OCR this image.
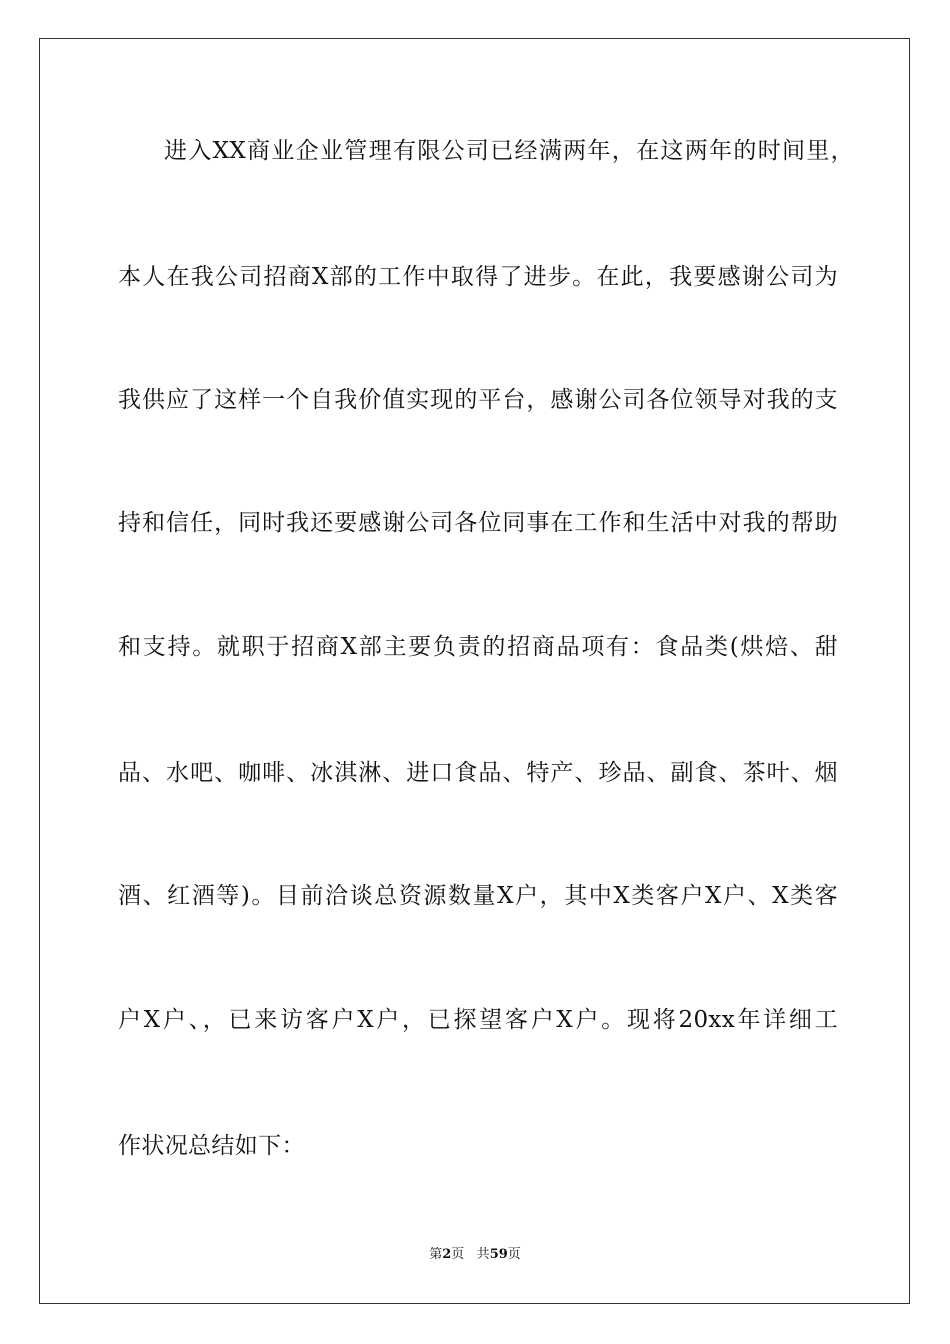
进入XX商业企业管理有限公司已经满两年，在这两年的时间里，
本人在我公司招商X部的工作中取得了进步。在此，我要感谢公司为
我供应了这样一个自我价值实现的平台，感谢公司各位领导对我的支
持和信任，同时我还要感谢公司各位同事在工作和生活中对我的帮助
和支持。就职于招商X部主要负责的招商品项有：食品类(烘焙、甜
品、水吧、咖啡、冰淇淋、进口食品、特产、珍品、副食、茶叶、烟
酒、红酒等)。目前洽谈总资源数量X户，其中X类客户X户、X类客
户X户、，已来访客户X户，已探望客户X户。现将20xx年详细工
作状况总结如下：
第2页 共59页
